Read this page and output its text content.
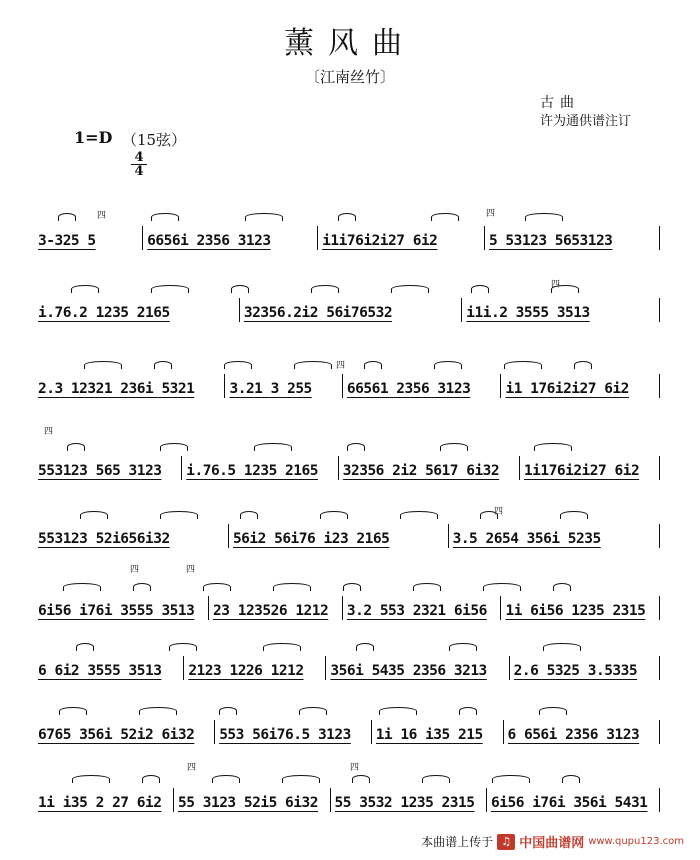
薰风曲
〔江南丝竹〕
古曲
许为通供谱注订
1=D （15弦）
4
4
3-325 5	6656i 2356 3123	i1i76i2i27 6i2	5 53123 5653123
i.76.2 1235 2165	32356.2i2 56i76532	i1i.2 3555 3513
2.3 12321 236i 5321	3.21 3 255	66561 2356 3123	i1 176i2i27 6i2
553123 565 3123	i.76.5 1235 2165	32356 2i2 5617 6i32	1i176i2i27 6i2
553123 52i656i32	56i2 56i76 i23 2165	3.5 2654 356i 5235
6i56 i76i 3555 3513	23 123526 1212	3.2 553 2321 6i56	1i 6i56 1235 2315
6 6i2 3555 3513	2123 1226 1212	356i 5435 2356 3213	2.6 5325 3.5335
6765 356i 52i2 6i32	553 56i76.5 3123	1i 16 i35 215	6 656i 2356 3123
1i i35 2 27 6i2	55 3123 52i5 6i32	55 3532 1235 2315	6i56 i76i 356i 5431
四	四
四
四
四
四
四	四
四	四
本曲谱上传于 ♫ 中国曲谱网 www.qupu123.com
